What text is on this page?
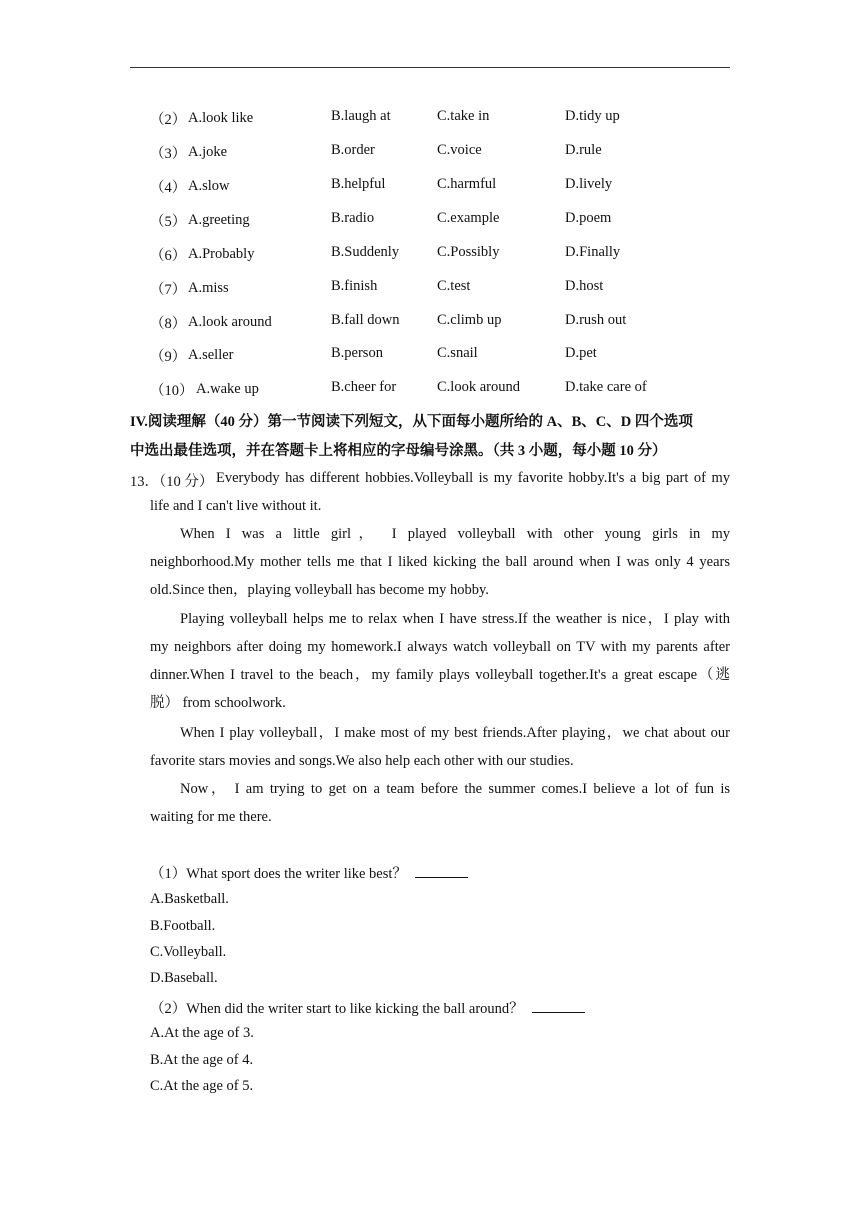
（2） A.look like	B.laugh at	C.take in	D.tidy up
（3） A.joke	B.order	C.voice	D.rule
（4） A.slow	B.helpful	C.harmful	D.lively
（5） A.greeting	B.radio	C.example	D.poem
（6） A.Probably	B.Suddenly	C.Possibly	D.Finally
（7） A.miss	B.finish	C.test	D.host
（8） A.look around	B.fall down	C.climb up	D.rush out
（9） A.seller	B.person	C.snail	D.pet
（10） A.wake up	B.cheer for	C.look around	D.take care of
IV.阅读理解（40 分）第一节阅读下列短文，从下面每小题所给的 A、B、C、D 四个选项
中选出最佳选项，并在答题卡上将相应的字母编号涂黑。（共 3 小题，每小题 10 分）
13．（10 分） Everybody has different hobbies.Volleyball is my favorite hobby.It's a big part of my
life and I can't live without it.
When I was a little girl， I played volleyball with other young girls in my
neighborhood.My mother tells me that I liked kicking the ball around when I was only 4 years
old.Since then，playing volleyball has become my hobby.
Playing volleyball helps me to relax when I have stress.If the weather is nice，I play with
my neighbors after doing my homework.I always watch volleyball on TV with my parents after
dinner.When I travel to the beach，my family plays volleyball together.It's a great escape（逃
脱） from schoolwork.
When I play volleyball，I make most of my best friends.After playing，we chat about our
favorite stars movies and songs.We also help each other with our studies.
Now， I am trying to get on a team before the summer comes.I believe a lot of fun is
waiting for me there.
（1）What sport does the writer like best？
A.Basketball.
B.Football.
C.Volleyball.
D.Baseball.
（2）When did the writer start to like kicking the ball around？
A.At the age of 3.
B.At the age of 4.
C.At the age of 5.
